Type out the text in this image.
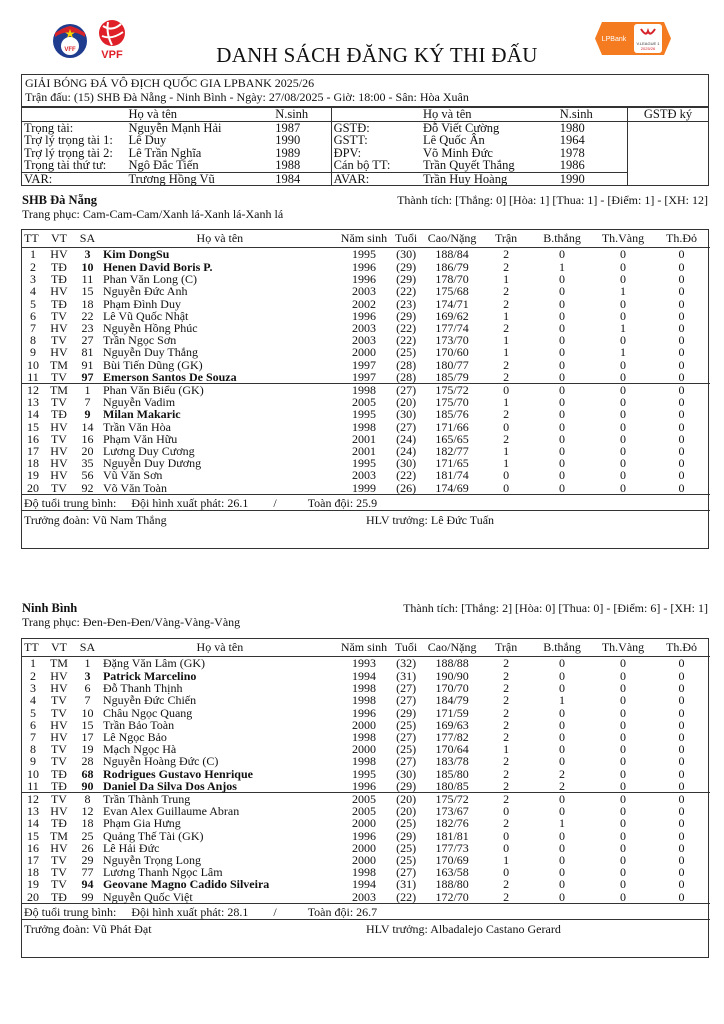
VFF VPF
LPBank
V.LEAGUE 1
2025/26
DANH SÁCH ĐĂNG KÝ THI ĐẤU
GIẢI BÓNG ĐÁ VÔ ĐỊCH QUỐC GIA LPBANK 2025/26
Trận đấu: (15) SHB Đà Nẵng - Ninh Bình - Ngày: 27/08/2025 - Giờ: 18:00 - Sân: Hòa Xuân
	Họ và tên	N.sinh		Họ và tên	N.sinh	GSTĐ ký
Trọng tài:	Nguyễn Mạnh Hải	1987	GSTĐ:	Đỗ Viết Cường	1980	
Trợ lý trọng tài 1:	Lê Duy	1990	GSTT:	Lê Quốc Ân	1964	
Trợ lý trọng tài 2:	Lê Trần Nghĩa	1989	ĐPV:	Võ Minh Đức	1978	
Trọng tài thứ tư:	Ngô Đắc Tiến	1988	Cán bộ TT:	Trần Quyết Thắng	1986	
VAR:	Trương Hồng Vũ	1984	AVAR:	Trần Huy Hoàng	1990	
SHB Đà Nẵng	Thành tích: [Thắng: 0] [Hòa: 1] [Thua: 1] - [Điểm: 1] - [XH: 12]
Trang phục: Cam-Cam-Cam/Xanh lá-Xanh lá-Xanh lá
TT	VT	SA	Họ và tên	Năm sinh	Tuổi	Cao/Nặng	Trận	B.thắng	Th.Vàng	Th.Đỏ
1	HV	3	Kim DongSu	1995	(30)	188/84	2	0	0	0
2	TĐ	10	Henen David Boris P.	1996	(29)	186/79	2	1	0	0
3	TĐ	11	Phan Văn Long (C)	1996	(29)	178/70	1	0	0	0
4	HV	15	Nguyễn Đức Anh	2003	(22)	175/68	2	0	1	0
5	TĐ	18	Phạm Đình Duy	2002	(23)	174/71	2	0	0	0
6	TV	22	Lê Vũ Quốc Nhật	1996	(29)	169/62	1	0	0	0
7	HV	23	Nguyễn Hồng Phúc	2003	(22)	177/74	2	0	1	0
8	TV	27	Trần Ngọc Sơn	2003	(22)	173/70	1	0	0	0
9	HV	81	Nguyễn Duy Thắng	2000	(25)	170/60	1	0	1	0
10	TM	91	Bùi Tiến Dũng (GK)	1997	(28)	180/77	2	0	0	0
11	TV	97	Emerson Santos De Souza	1997	(28)	185/79	2	0	0	0
12	TM	1	Phan Văn Biểu (GK)	1998	(27)	175/72	0	0	0	0
13	TV	7	Nguyễn Vadim	2005	(20)	175/70	1	0	0	0
14	TĐ	9	Milan Makaric	1995	(30)	185/76	2	0	0	0
15	HV	14	Trần Văn Hòa	1998	(27)	171/66	0	0	0	0
16	TV	16	Phạm Văn Hữu	2001	(24)	165/65	2	0	0	0
17	HV	20	Lương Duy Cương	2001	(24)	182/77	1	0	0	0
18	HV	35	Nguyễn Duy Dương	1995	(30)	171/65	1	0	0	0
19	HV	56	Vũ Văn Sơn	2003	(22)	181/74	0	0	0	0
20	TV	92	Võ Văn Toàn	1999	(26)	174/69	0	0	0	0
Độ tuổi trung bình: Đội hình xuất phát: 26.1 /	Toàn đội: 25.9
Trưởng đoàn: Vũ Nam Thắng	HLV trưởng: Lê Đức Tuấn
Ninh Bình	Thành tích: [Thắng: 2] [Hòa: 0] [Thua: 0] - [Điểm: 6] - [XH: 1]
Trang phục: Đen-Đen-Đen/Vàng-Vàng-Vàng
TT	VT	SA	Họ và tên	Năm sinh	Tuổi	Cao/Nặng	Trận	B.thắng	Th.Vàng	Th.Đỏ
1	TM	1	Đặng Văn Lâm (GK)	1993	(32)	188/88	2	0	0	0
2	HV	3	Patrick Marcelino	1994	(31)	190/90	2	0	0	0
3	HV	6	Đỗ Thanh Thịnh	1998	(27)	170/70	2	0	0	0
4	TV	7	Nguyễn Đức Chiến	1998	(27)	184/79	2	1	0	0
5	TV	10	Châu Ngọc Quang	1996	(29)	171/59	2	0	0	0
6	HV	15	Trần Bảo Toàn	2000	(25)	169/63	2	0	0	0
7	HV	17	Lê Ngọc Bảo	1998	(27)	177/82	2	0	0	0
8	TV	19	Mạch Ngọc Hà	2000	(25)	170/64	1	0	0	0
9	TV	28	Nguyễn Hoàng Đức (C)	1998	(27)	183/78	2	0	0	0
10	TĐ	68	Rodrigues Gustavo Henrique	1995	(30)	185/80	2	2	0	0
11	TĐ	90	Daniel Da Silva Dos Anjos	1996	(29)	180/85	2	2	0	0
12	TV	8	Trần Thành Trung	2005	(20)	175/72	2	0	0	0
13	HV	12	Evan Alex Guillaume Abran	2005	(20)	173/67	0	0	0	0
14	TĐ	18	Phạm Gia Hưng	2000	(25)	182/76	2	1	0	0
15	TM	25	Quảng Thế Tài (GK)	1996	(29)	181/81	0	0	0	0
16	HV	26	Lê Hải Đức	2000	(25)	177/73	0	0	0	0
17	TV	29	Nguyễn Trọng Long	2000	(25)	170/69	1	0	0	0
18	TV	77	Lương Thanh Ngọc Lâm	1998	(27)	163/58	0	0	0	0
19	TV	94	Geovane Magno Cadido Silveira	1994	(31)	188/80	2	0	0	0
20	TĐ	99	Nguyễn Quốc Việt	2003	(22)	172/70	2	0	0	0
Độ tuổi trung bình: Đội hình xuất phát: 28.1 /	Toàn đội: 26.7
Trưởng đoàn: Vũ Phát Đạt	HLV trưởng: Albadalejo Castano Gerard
